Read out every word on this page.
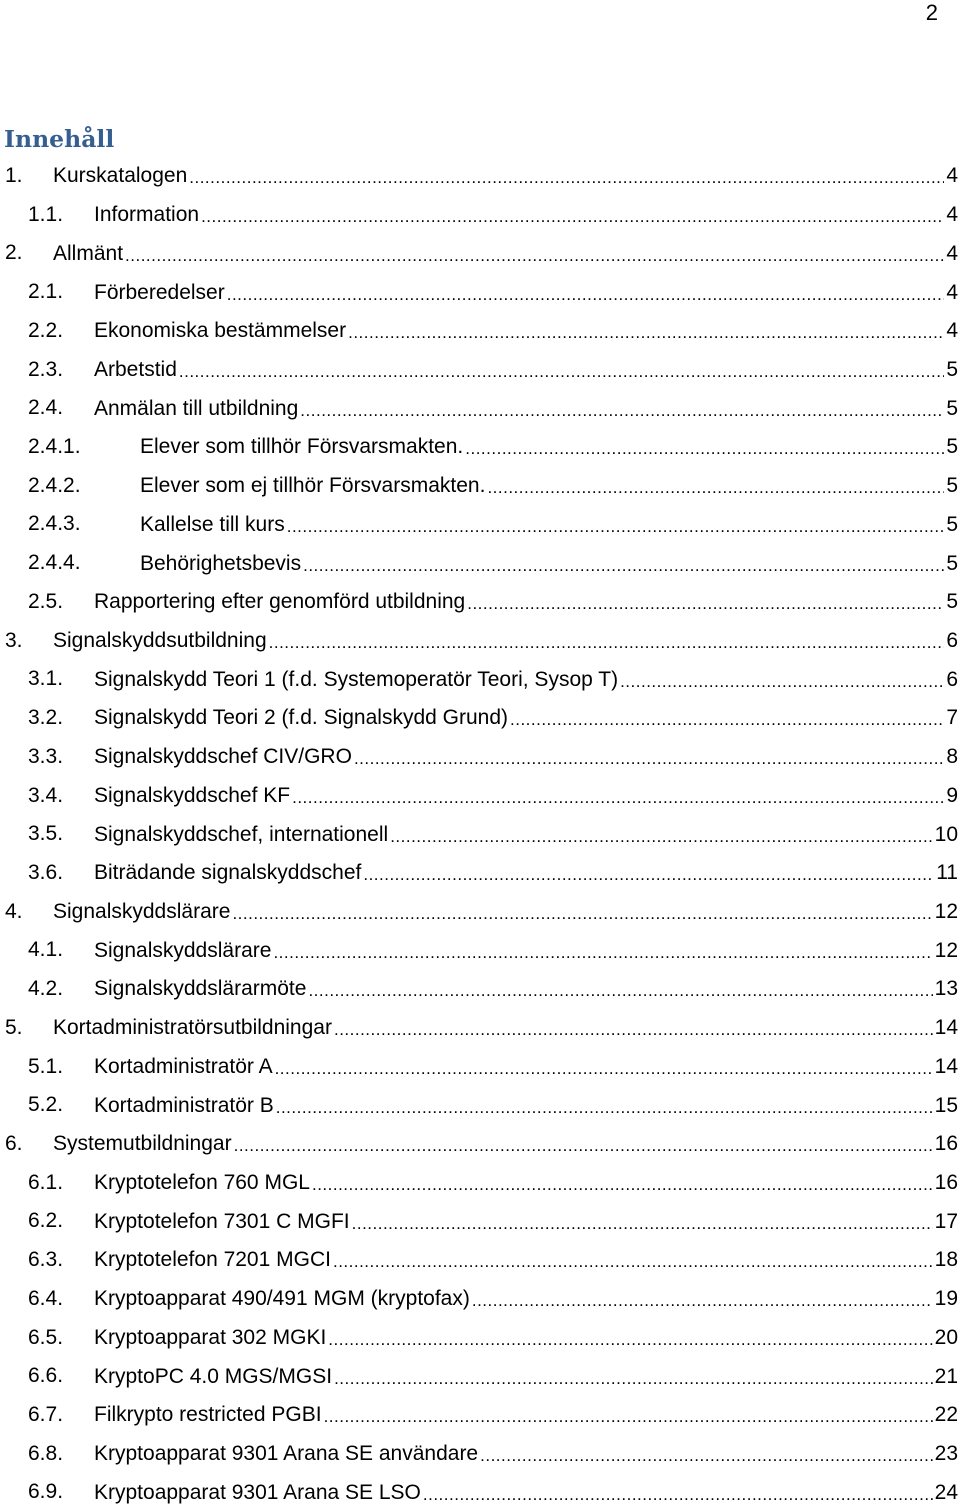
2
Innehåll
1. Kurskatalogen .....	4
1.1. Information .....	4
2. Allmänt .....	4
2.1. Förberedelser .....	4
2.2. Ekonomiska bestämmelser .....	4
2.3. Arbetstid .....	5
2.4. Anmälan till utbildning .....	5
2.4.1.	Elever som tillhör Försvarsmakten. .....	5
2.4.2.	Elever som ej tillhör Försvarsmakten. .....	5
2.4.3.	Kallelse till kurs .....	5
2.4.4.	Behörighetsbevis .....	5
2.5. Rapportering efter genomförd utbildning .....	5
3. Signalskyddsutbildning .....	6
3.1. Signalskydd Teori 1 (f.d. Systemoperatör Teori, Sysop T) .....	6
3.2. Signalskydd Teori 2 (f.d. Signalskydd Grund) .....	7
3.3. Signalskyddschef CIV/GRO .....	8
3.4. Signalskyddschef KF .....	9
3.5. Signalskyddschef, internationell .....	10
3.6. Biträdande signalskyddschef .....	11
4. Signalskyddslärare .....	12
4.1. Signalskyddslärare .....	12
4.2. Signalskyddslärarmöte .....	13
5. Kortadministratörsutbildningar .....	14
5.1. Kortadministratör A .....	14
5.2. Kortadministratör B .....	15
6. Systemutbildningar .....	16
6.1. Kryptotelefon 760 MGL .....	16
6.2. Kryptotelefon 7301 C MGFI .....	17
6.3. Kryptotelefon 7201 MGCI .....	18
6.4. Kryptoapparat 490/491 MGM (kryptofax) .....	19
6.5. Kryptoapparat 302 MGKI .....	20
6.6. KryptoPC 4.0 MGS/MGSI .....	21
6.7. Filkrypto restricted PGBI .....	22
6.8. Kryptoapparat 9301 Arana SE användare .....	23
6.9. Kryptoapparat 9301 Arana SE LSO .....	24
